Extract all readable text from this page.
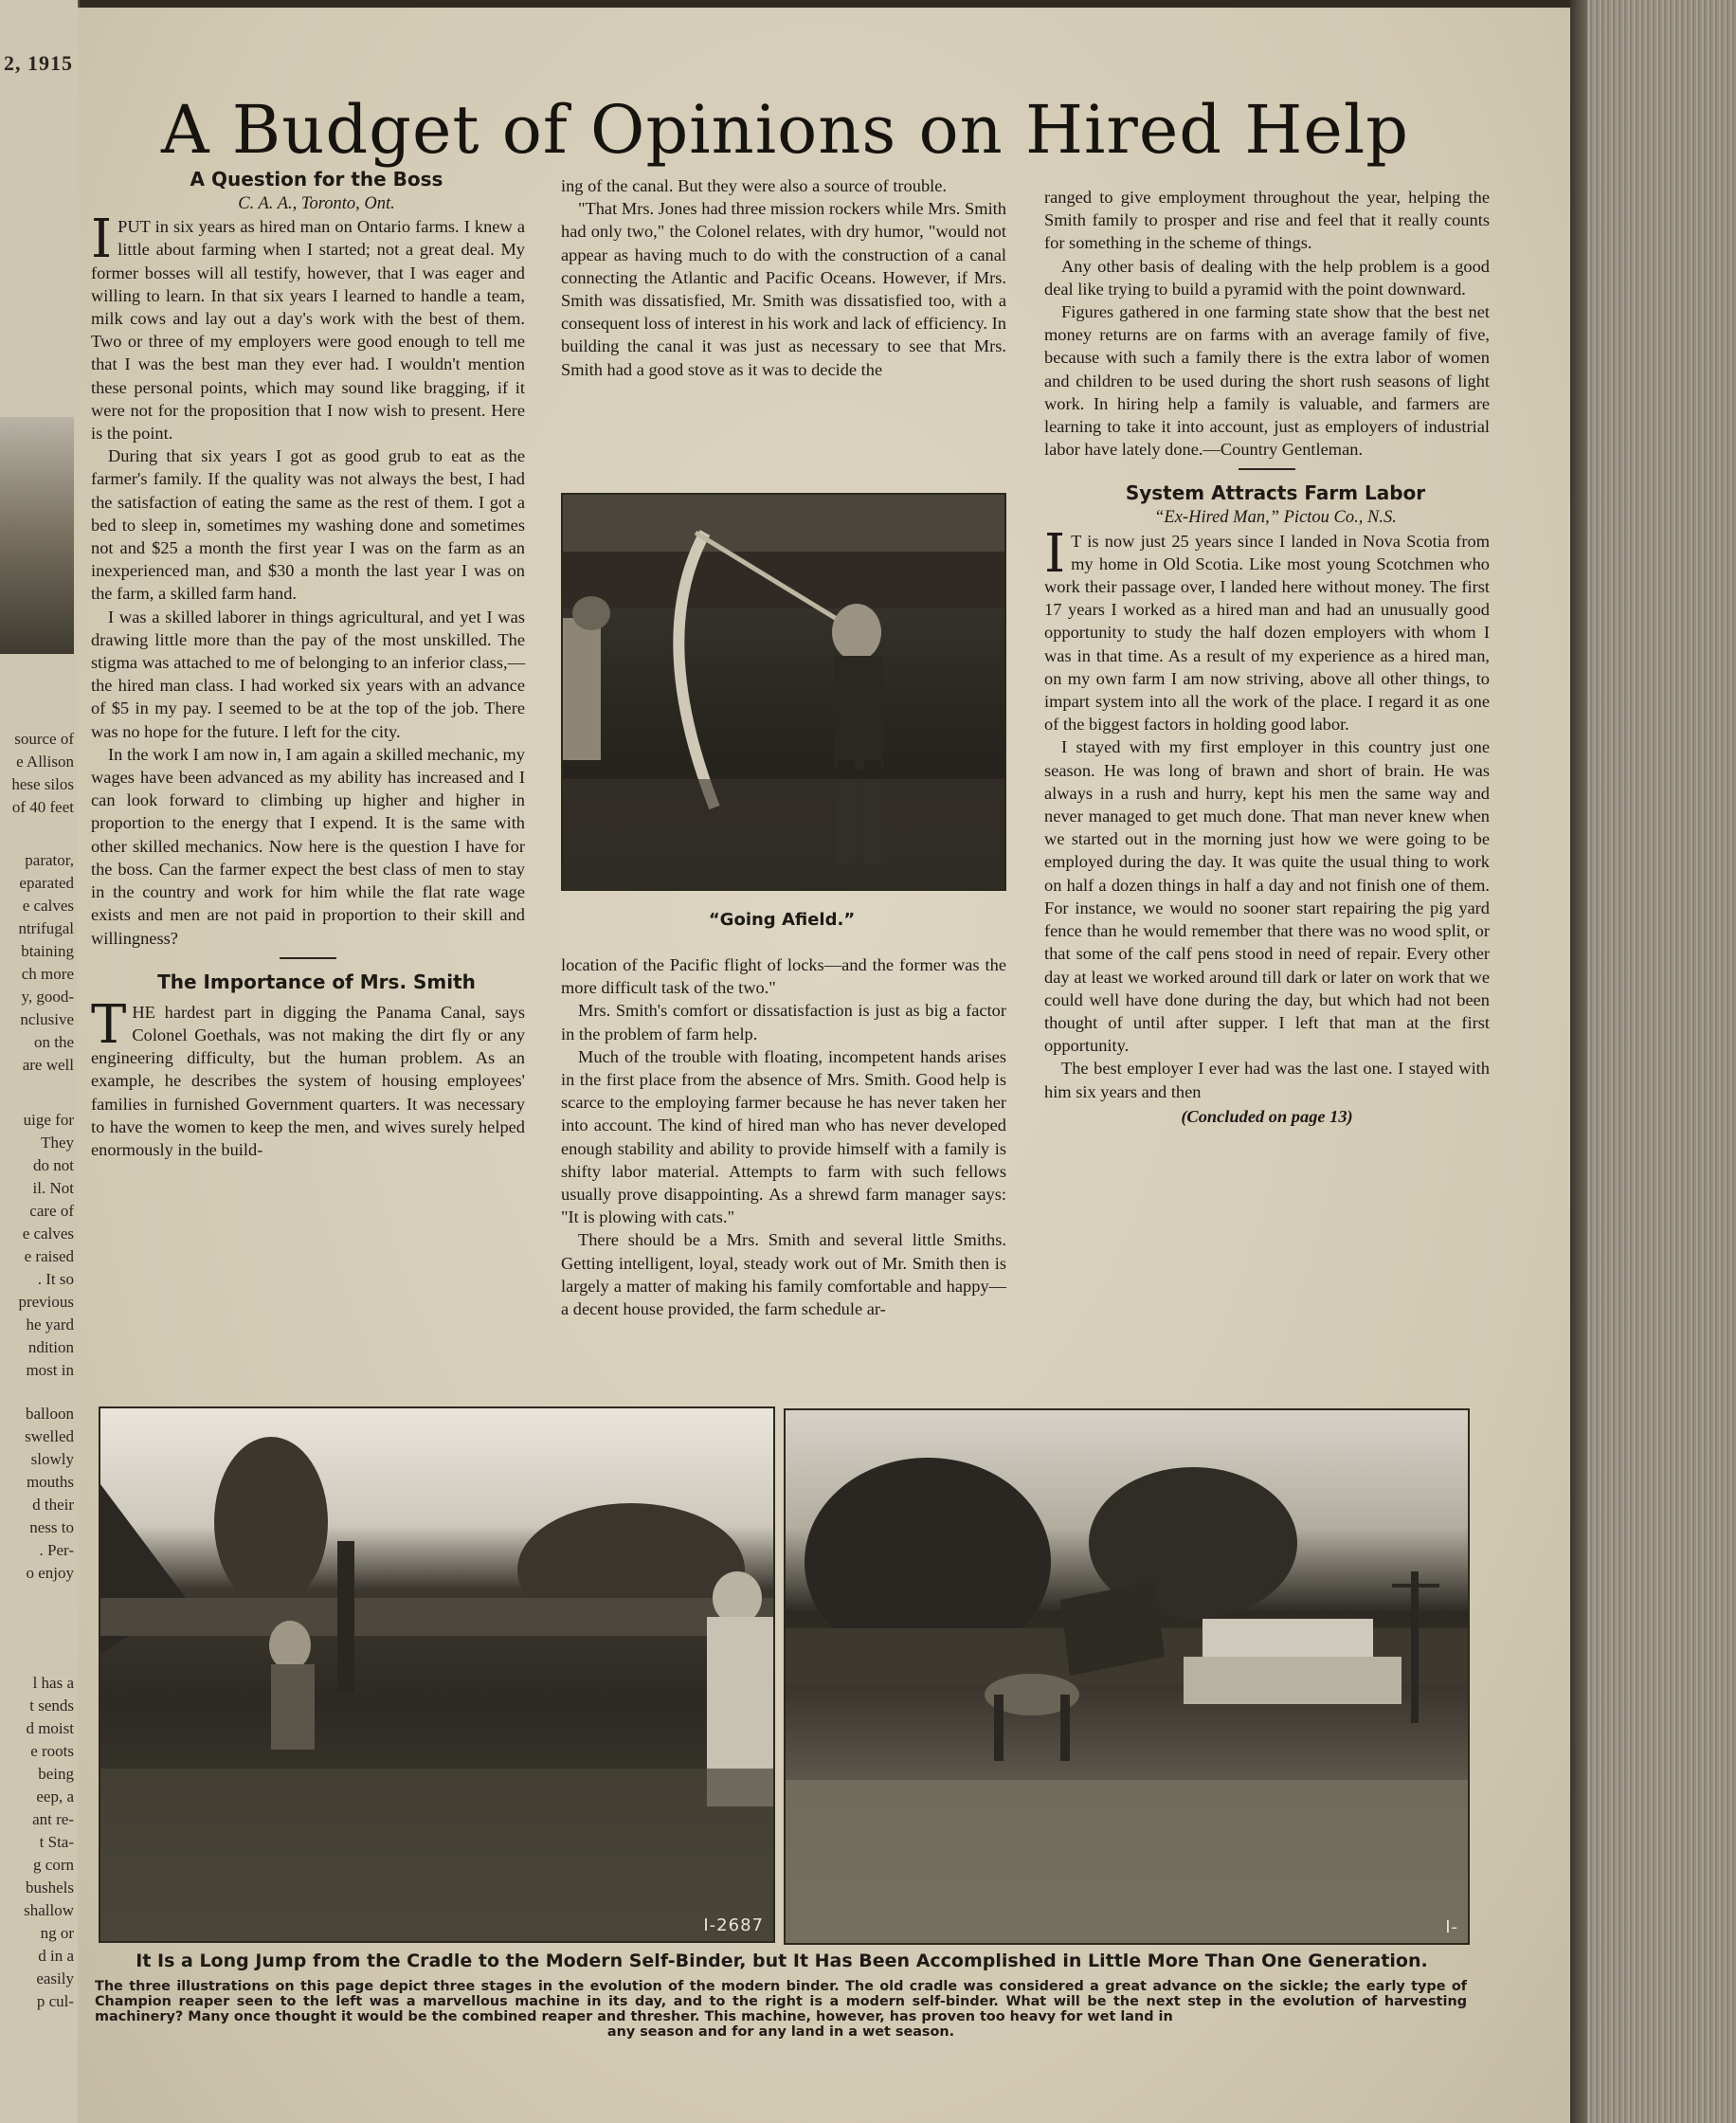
2, 1915
source of
e Allison
hese silos
of 40 feet
parator,
eparated
e calves
ntrifugal
btaining
ch more
y, good-
nclusive
on the
are well
uige for
They
do not
il. Not
care of
e calves
e raised
. It so
previous
he yard
ndition
most in
balloon
swelled
slowly
mouths
d their
ness to
. Per-
o enjoy
l has a
t sends
d moist
e roots
being
eep, a
ant re-
t Sta-
g corn
bushels
shallow
ng or
d in a
easily
p cul-
A Budget of Opinions on Hired Help

A Question for the Boss

C. A. A., Toronto, Ont.

IPUT in six years as hired man on Ontario farms. I knew a little about farming when I started; not a great deal. My former bosses will all testify, however, that I was eager and willing to learn. In that six years I learned to handle a team, milk cows and lay out a day's work with the best of them. Two or three of my employers were good enough to tell me that I was the best man they ever had. I wouldn't mention these personal points, which may sound like bragging, if it were not for the proposition that I now wish to present. Here is the point.

During that six years I got as good grub to eat as the farmer's family. If the quality was not always the best, I had the satisfaction of eating the same as the rest of them. I got a bed to sleep in, sometimes my washing done and sometimes not and $25 a month the first year I was on the farm as an inexperienced man, and $30 a month the last year I was on the farm, a skilled farm hand.

I was a skilled laborer in things agricultural, and yet I was drawing little more than the pay of the most unskilled. The stigma was attached to me of belonging to an inferior class,—the hired man class. I had worked six years with an advance of $5 in my pay. I seemed to be at the top of the job. There was no hope for the future. I left for the city.

In the work I am now in, I am again a skilled mechanic, my wages have been advanced as my ability has increased and I can look forward to climbing up higher and higher in proportion to the energy that I expend. It is the same with other skilled mechanics. Now here is the question I have for the boss. Can the farmer expect the best class of men to stay in the country and work for him while the flat rate wage exists and men are not paid in proportion to their skill and willingness?

The Importance of Mrs. Smith

THE hardest part in digging the Panama Canal, says Colonel Goethals, was not making the dirt fly or any engineering difficulty, but the human problem. As an example, he describes the system of housing employees' families in furnished Government quarters. It was necessary to have the women to keep the men, and wives surely helped enormously in the build-

ing of the canal. But they were also a source of trouble.

"That Mrs. Jones had three mission rockers while Mrs. Smith had only two," the Colonel relates, with dry humor, "would not appear as having much to do with the construction of a canal connecting the Atlantic and Pacific Oceans. However, if Mrs. Smith was dissatisfied, Mr. Smith was dissatisfied too, with a consequent loss of interest in his work and lack of efficiency. In building the canal it was just as necessary to see that Mrs. Smith had a good stove as it was to decide the

“Going Afield.”

location of the Pacific flight of locks—and the former was the more difficult task of the two."

Mrs. Smith's comfort or dissatisfaction is just as big a factor in the problem of farm help.

Much of the trouble with floating, incompetent hands arises in the first place from the absence of Mrs. Smith. Good help is scarce to the employing farmer because he has never taken her into account. The kind of hired man who has never developed enough stability and ability to provide himself with a family is shifty labor material. Attempts to farm with such fellows usually prove disappointing. As a shrewd farm manager says: "It is plowing with cats."

There should be a Mrs. Smith and several little Smiths. Getting intelligent, loyal, steady work out of Mr. Smith then is largely a matter of making his family comfortable and happy—a decent house provided, the farm schedule ar-

ranged to give employment throughout the year, helping the Smith family to prosper and rise and feel that it really counts for something in the scheme of things.

Any other basis of dealing with the help problem is a good deal like trying to build a pyramid with the point downward.

Figures gathered in one farming state show that the best net money returns are on farms with an average family of five, because with such a family there is the extra labor of women and children to be used during the short rush seasons of light work. In hiring help a family is valuable, and farmers are learning to take it into account, just as employers of industrial labor have lately done.—Country Gentleman.

System Attracts Farm Labor

“Ex-Hired Man,” Pictou Co., N.S.

I T is now just 25 years since I landed in Nova Scotia from my home in Old Scotia. Like most young Scotchmen who work their passage over, I landed here without money. The first 17 years I worked as a hired man and had an unusually good opportunity to study the half dozen employers with whom I was in that time. As a result of my experience as a hired man, on my own farm I am now striving, above all other things, to impart system into all the work of the place. I regard it as one of the biggest factors in holding good labor.

I stayed with my first employer in this country just one season. He was long of brawn and short of brain. He was always in a rush and hurry, kept his men the same way and never managed to get much done. That man never knew when we started out in the morning just how we were going to be employed during the day. It was quite the usual thing to work on half a dozen things in half a day and not finish one of them. For instance, we would no sooner start repairing the pig yard fence than he would remember that there was no wood split, or that some of the calf pens stood in need of repair. Every other day at least we worked around till dark or later on work that we could well have done during the day, but which had not been thought of until after supper. I left that man at the first opportunity.

The best employer I ever had was the last one. I stayed with him six years and then

(Concluded on page 13)
I-2687	I-
It Is a Long Jump from the Cradle to the Modern Self-Binder, but It Has Been Accomplished in Little More Than One Generation.
The three illustrations on this page depict three stages in the evolution of the modern binder. The old cradle was considered a great advance on the sickle; the early type of Champion reaper seen to the left was a marvellous machine in its day, and to the right is a modern self-binder. What will be the next step in the evolution of harvesting machinery? Many once thought it would be the combined reaper and thresher. This machine, however, has proven too heavy for wet land in
any season and for any land in a wet season.
